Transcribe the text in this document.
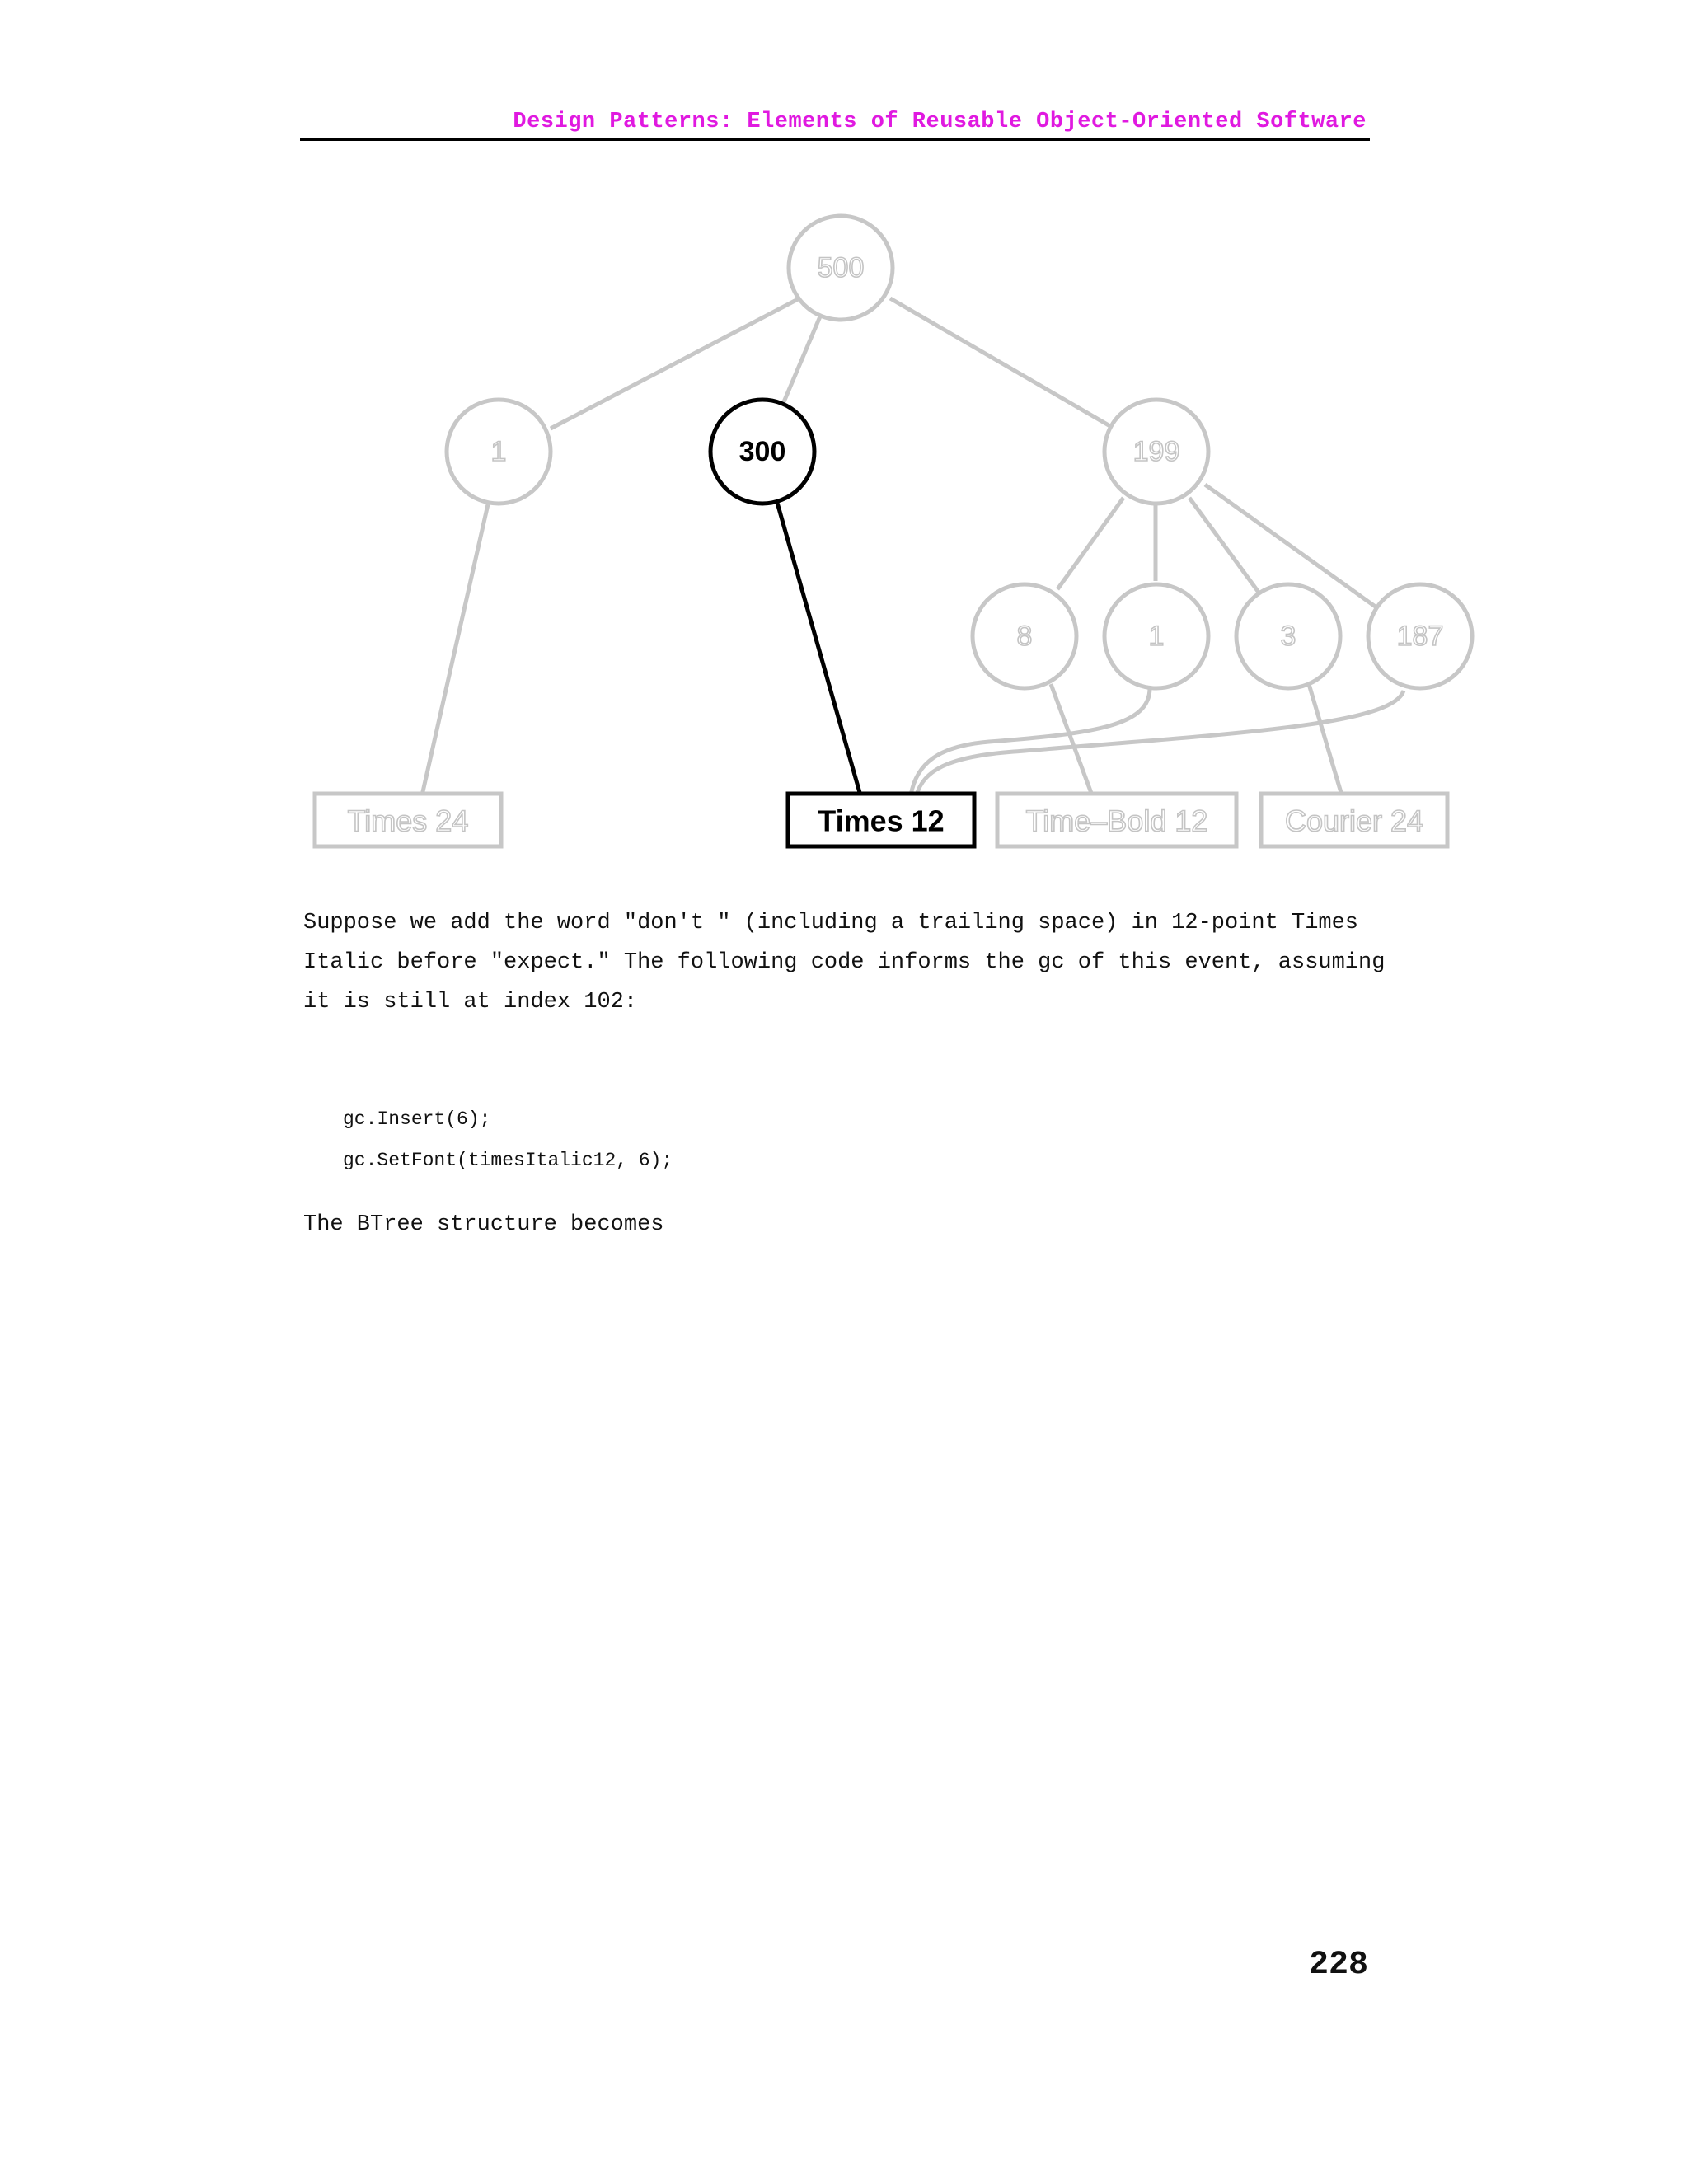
Design Patterns: Elements of Reusable Object-Oriented Software
500
1	300	199
8	1	3	187
Times 24	Times 12	Time–Bold 12	Courier 24
Suppose we add the word "don't " (including a trailing space) in 12-point Times
Italic before "expect." The following code informs the gc of this event, assuming
it is still at index 102:
gc.Insert(6);
gc.SetFont(timesItalic12, 6);
The BTree structure becomes
228
